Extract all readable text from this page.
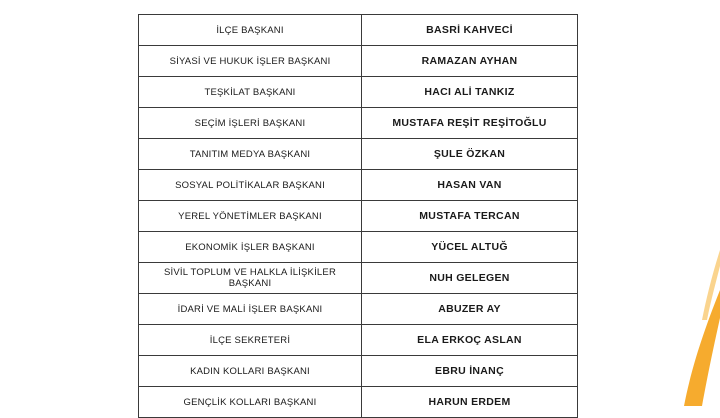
İLÇE BAŞKANI	BASRİ KAHVECİ
SİYASİ VE HUKUK İŞLER BAŞKANI	RAMAZAN AYHAN
TEŞKİLAT BAŞKANI	HACI ALİ TANKIZ
SEÇİM İŞLERİ BAŞKANI	MUSTAFA REŞİT REŞİTOĞLU
TANITIM MEDYA BAŞKANI	ŞULE ÖZKAN
SOSYAL POLİTİKALAR BAŞKANI	HASAN VAN
YEREL YÖNETİMLER BAŞKANI	MUSTAFA TERCAN
EKONOMİK İŞLER BAŞKANI	YÜCEL ALTUĞ
SİVİL TOPLUM VE HALKLA İLİŞKİLER BAŞKANI	NUH GELEGEN
İDARİ VE MALİ İŞLER BAŞKANI	ABUZER AY
İLÇE SEKRETERİ	ELA ERKOÇ ASLAN
KADIN KOLLARI BAŞKANI	EBRU İNANÇ
GENÇLİK KOLLARI BAŞKANI	HARUN ERDEM
